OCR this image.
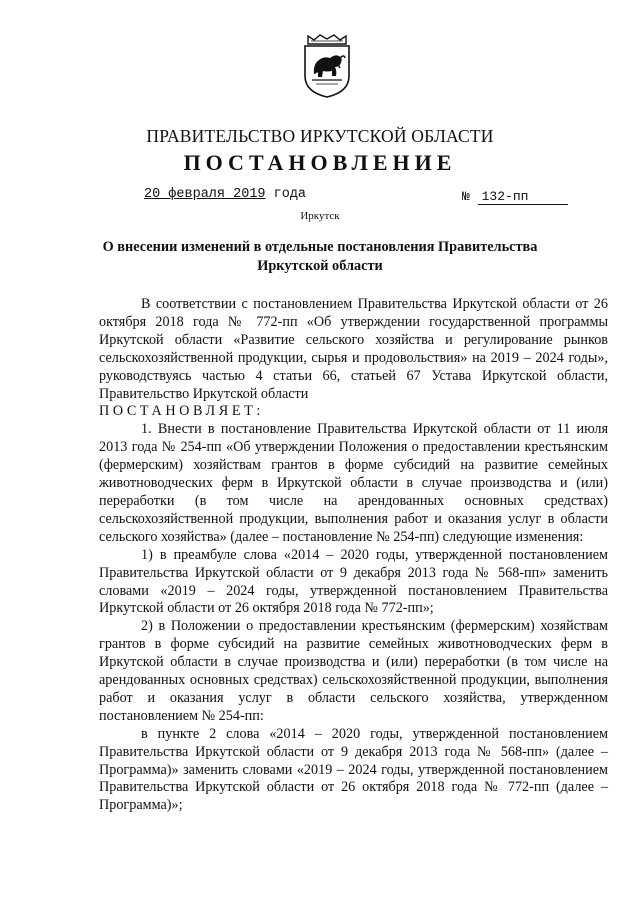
ПРАВИТЕЛЬСТВО ИРКУТСКОЙ ОБЛАСТИ
ПОСТАНОВЛЕНИЕ
20 февраля 2019 года	№ 132-пп
Иркутск
О внесении изменений в отдельные постановления Правительства
Иркутской области

В соответствии с постановлением Правительства Иркутской области от 26 октября 2018 года № 772-пп «Об утверждении государственной программы Иркутской области «Развитие сельского хозяйства и регулирование рынков сельскохозяйственной продукции, сырья и продовольствия» на 2019 – 2024 годы», руководствуясь частью 4 статьи 66, статьей 67 Устава Иркутской области, Правительство Иркутской области

ПОСТАНОВЛЯЕТ:

1. Внести в постановление Правительства Иркутской области от 11 июля 2013 года № 254-пп «Об утверждении Положения о предоставлении крестьянским (фермерским) хозяйствам грантов в форме субсидий на развитие семейных животноводческих ферм в Иркутской области в случае производства и (или) переработки (в том числе на арендованных основных средствах) сельскохозяйственной продукции, выполнения работ и оказания услуг в области сельского хозяйства» (далее – постановление № 254-пп) следующие изменения:

1) в преамбуле слова «2014 – 2020 годы, утвержденной постановлением Правительства Иркутской области от 9 декабря 2013 года № 568-пп» заменить словами «2019 – 2024 годы, утвержденной постановлением Правительства Иркутской области от 26 октября 2018 года № 772-пп»;

2) в Положении о предоставлении крестьянским (фермерским) хозяйствам грантов в форме субсидий на развитие семейных животноводческих ферм в Иркутской области в случае производства и (или) переработки (в том числе на арендованных основных средствах) сельскохозяйственной продукции, выполнения работ и оказания услуг в области сельского хозяйства, утвержденном постановлением № 254-пп:

в пункте 2 слова «2014 – 2020 годы, утвержденной постановлением Правительства Иркутской области от 9 декабря 2013 года № 568-пп» (далее – Программа)» заменить словами «2019 – 2024 годы, утвержденной постановлением Правительства Иркутской области от 26 октября 2018 года № 772-пп (далее – Программа)»;
